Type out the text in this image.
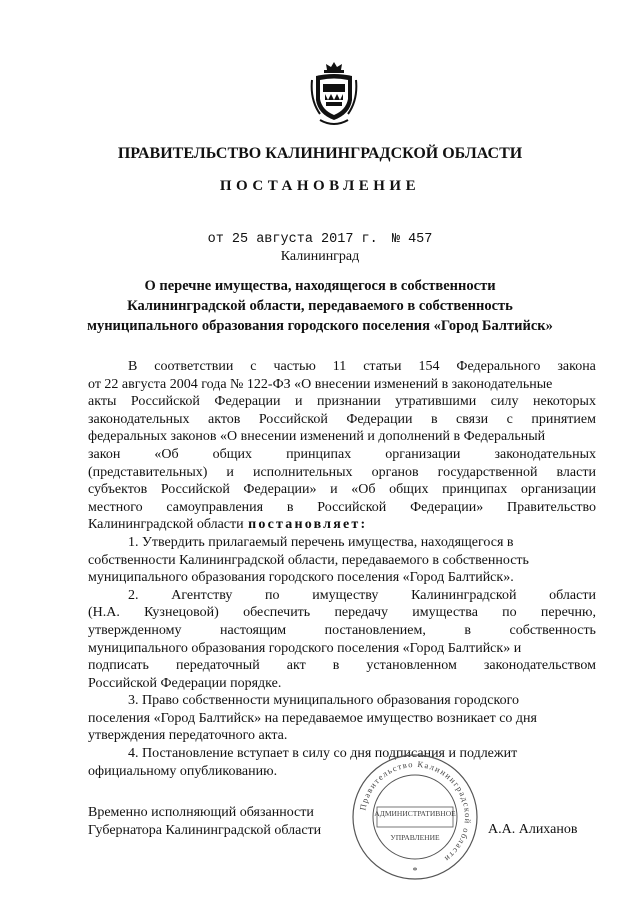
ПРАВИТЕЛЬСТВО КАЛИНИНГРАДСКОЙ ОБЛАСТИ
ПОСТАНОВЛЕНИЕ
от 25 августа 2017 г. № 457
Калининград
О перечне имущества, находящегося в собственности
Калининградской области, передаваемого в собственность
муниципального образования городского поселения «Город Балтийск»
В соответствии с частью 11 статьи 154 Федерального закона
от 22 августа 2004 года № 122-ФЗ «О внесении изменений в законодательные
акты Российской Федерации и признании утратившими силу некоторых
законодательных актов Российской Федерации в связи с принятием
федеральных законов «О внесении изменений и дополнений в Федеральный
закон «Об общих принципах организации законодательных
(представительных) и исполнительных органов государственной власти
субъектов Российской Федерации» и «Об общих принципах организации
местного самоуправления в Российской Федерации» Правительство
Калининградской области постановляет:
1. Утвердить прилагаемый перечень имущества, находящегося в
собственности Калининградской области, передаваемого в собственность
муниципального образования городского поселения «Город Балтийск».
2. Агентству по имуществу Калининградской области
(Н.А. Кузнецовой) обеспечить передачу имущества по перечню,
утвержденному	настоящим	постановлением,	в	собственность
муниципального образования городского поселения «Город Балтийск» и
подписать передаточный акт в установленном законодательством
Российской Федерации порядке.
3. Право собственности муниципального образования городского
поселения «Город Балтийск» на передаваемое имущество возникает со дня
утверждения передаточного акта.
4. Постановление вступает в силу со дня подписания и подлежит
официальному опубликованию.
Временно исполняющий обязанности
Губернатора Калининградской области	А.А. Алиханов
Правительство Калининградской области
АДМИНИСТРАТИВНОЕ
УПРАВЛЕНИЕ
*
